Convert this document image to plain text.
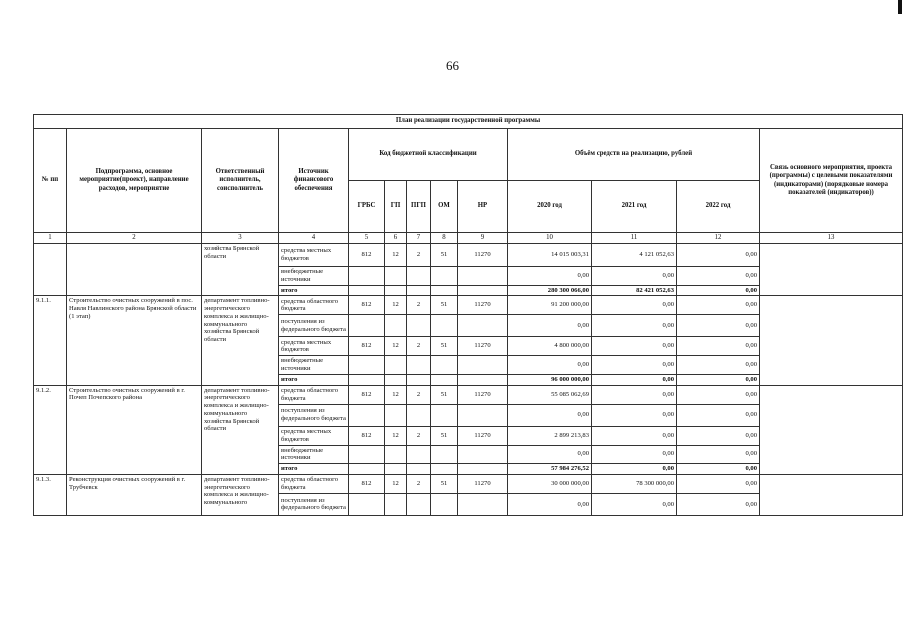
66
План реализации государственной программы												
№ пп	Подпрограмма, основное мероприятие(проект), направление расходов, мероприятие	Ответственный исполнитель, соисполнитель	Источник финансового обеспечения	Код бюджетной классификации					Объём средств на реализацию, рублей			Связь основного мероприятия, проекта (программы) с целевыми показателями (индикаторами) (порядковые номера показателей (индикаторов))
				ГРБС	ГП	ПГП	ОМ	НР	2020 год	2021 год	2022 год	
1	2	3	4	5	6	7	8	9	10	11	12	13
		хозяйства Брянской области	средства местных бюджетов	812	12	2	51	11270	14 015 003,31	4 121 052,63	0,00	
			внебюджетные источники						0,00	0,00	0,00	
			итого						280 300 066,00	82 421 052,63	0,00	
9.1.1.	Строительство очистных сооружений в пос. Навля Навлинского района Брянской области (1 этап)	департамент топливно-энергетического комплекса и жилищно-коммунального хозяйства Брянской области	средства областного бюджета	812	12	2	51	11270	91 200 000,00	0,00	0,00	
			поступления из федерального бюджета						0,00	0,00	0,00	
			средства местных бюджетов	812	12	2	51	11270	4 800 000,00	0,00	0,00	
			внебюджетные источники						0,00	0,00	0,00	
			итого						96 000 000,00	0,00	0,00	
9.1.2.	Строительство очистных сооружений в г. Почеп Почепского района	департамент топливно-энергетического комплекса и жилищно-коммунального хозяйства Брянской области	средства областного бюджета	812	12	2	51	11270	55 085 062,69	0,00	0,00	
			поступления из федерального бюджета						0,00	0,00	0,00	
			средства местных бюджетов	812	12	2	51	11270	2 899 213,83	0,00	0,00	
			внебюджетные источники						0,00	0,00	0,00	
			итого						57 984 276,52	0,00	0,00	
9.1.3.	Реконструкция очистных сооружений в г. Трубчевск	департамент топливно-энергетического комплекса и жилищно-коммунального	средства областного бюджета	812	12	2	51	11270	30 000 000,00	78 300 000,00	0,00	
			поступления из федерального бюджета						0,00	0,00	0,00	
